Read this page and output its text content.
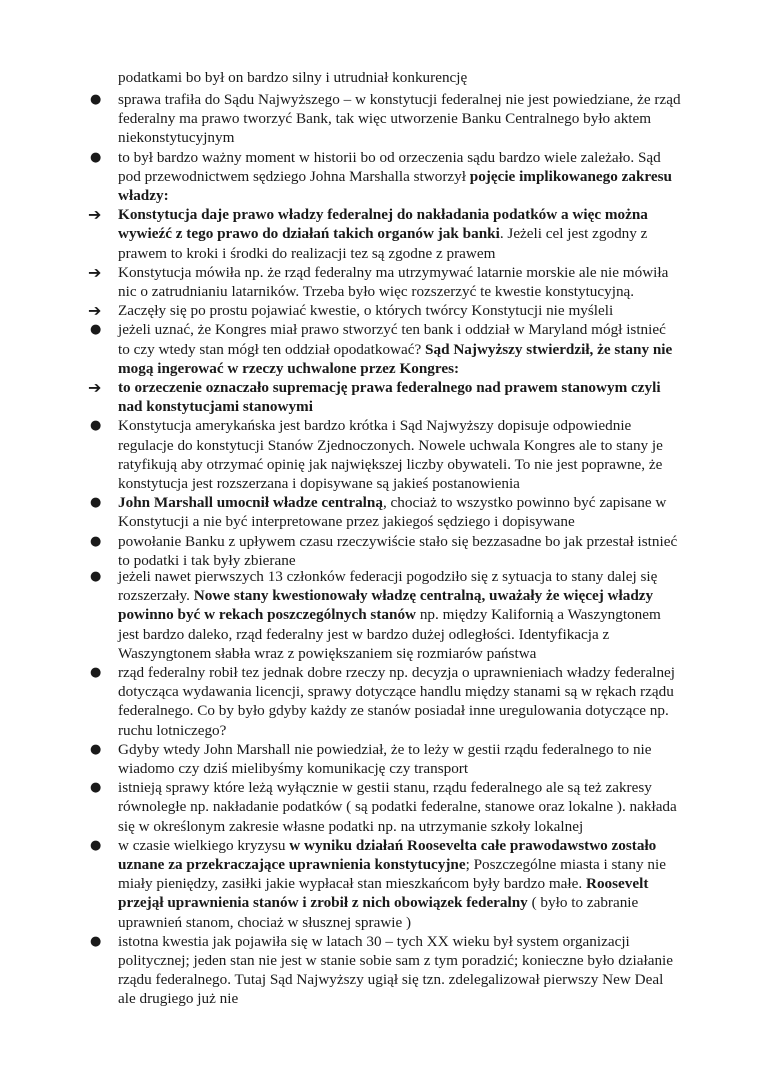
podatkami bo był on bardzo silny i utrudniał konkurencję
●	sprawa trafiła do Sądu Najwyższego – w konstytucji federalnej nie jest powiedziane, że rząd
federalny ma prawo tworzyć Bank, tak więc utworzenie Banku Centralnego było aktem
niekonstytucyjnym
●	to był bardzo ważny moment w historii bo od orzeczenia sądu bardzo wiele zależało. Sąd
pod przewodnictwem sędziego Johna Marshalla stworzył pojęcie implikowanego zakresu
władzy:
➔	Konstytucja daje prawo władzy federalnej do nakładania podatków a więc można
wywieźć z tego prawo do działań takich organów jak banki. Jeżeli cel jest zgodny z
prawem to kroki i środki do realizacji tez są zgodne z prawem
➔	Konstytucja mówiła np. że rząd federalny ma utrzymywać latarnie morskie ale nie mówiła
nic o zatrudnianiu latarników. Trzeba było więc rozszerzyć te kwestie konstytucyjną.
➔	Zaczęły się po prostu pojawiać kwestie, o których twórcy Konstytucji nie myśleli
●	jeżeli uznać, że Kongres miał prawo stworzyć ten bank i oddział w Maryland mógł istnieć
to czy wtedy stan mógł ten oddział opodatkować? Sąd Najwyższy stwierdził, że stany nie
mogą ingerować w rzeczy uchwalone przez Kongres:
➔	to orzeczenie oznaczało supremację prawa federalnego nad prawem stanowym czyli
nad konstytucjami stanowymi
●	Konstytucja amerykańska jest bardzo krótka i Sąd Najwyższy dopisuje odpowiednie
regulacje do konstytucji Stanów Zjednoczonych. Nowele uchwala Kongres ale to stany je
ratyfikują aby otrzymać opinię jak największej liczby obywateli. To nie jest poprawne, że
konstytucja jest rozszerzana i dopisywane są jakieś postanowienia
●	John Marshall umocnił władze centralną, chociaż to wszystko powinno być zapisane w
Konstytucji a nie być interpretowane przez jakiegoś sędziego i dopisywane
●	powołanie Banku z upływem czasu rzeczywiście stało się bezzasadne bo jak przestał istnieć
to podatki i tak były zbierane
●	jeżeli nawet pierwszych 13 członków federacji pogodziło się z sytuacja to stany dalej się
rozszerzały. Nowe stany kwestionowały władzę centralną, uważały że więcej władzy
powinno być w rekach poszczególnych stanów np. między Kalifornią a Waszyngtonem
jest bardzo daleko, rząd federalny jest w bardzo dużej odległości. Identyfikacja z
Waszyngtonem słabła wraz z powiększaniem się rozmiarów państwa
●	rząd federalny robił tez jednak dobre rzeczy np. decyzja o uprawnieniach władzy federalnej
dotycząca wydawania licencji, sprawy dotyczące handlu między stanami są w rękach rządu
federalnego. Co by było gdyby każdy ze stanów posiadał inne uregulowania dotyczące np.
ruchu lotniczego?
●	Gdyby wtedy John Marshall nie powiedział, że to leży w gestii rządu federalnego to nie
wiadomo czy dziś mielibyśmy komunikację czy transport
●	istnieją sprawy które leżą wyłącznie w gestii stanu, rządu federalnego ale są też zakresy
równoległe np. nakładanie podatków ( są podatki federalne, stanowe oraz lokalne ). nakłada
się w określonym zakresie własne podatki np. na utrzymanie szkoły lokalnej
●	w czasie wielkiego kryzysu w wyniku działań Roosevelta całe prawodawstwo zostało
uznane za przekraczające uprawnienia konstytucyjne; Poszczególne miasta i stany nie
miały pieniędzy, zasiłki jakie wypłacał stan mieszkańcom były bardzo małe. Roosevelt
przejął uprawnienia stanów i zrobił z nich obowiązek federalny ( było to zabranie
uprawnień stanom, chociaż w słusznej sprawie )
●	istotna kwestia jak pojawiła się w latach 30 – tych XX wieku był system organizacji
politycznej; jeden stan nie jest w stanie sobie sam z tym poradzić; konieczne było działanie
rządu federalnego. Tutaj Sąd Najwyższy ugiął się tzn. zdelegalizował pierwszy New Deal
ale drugiego już nie
